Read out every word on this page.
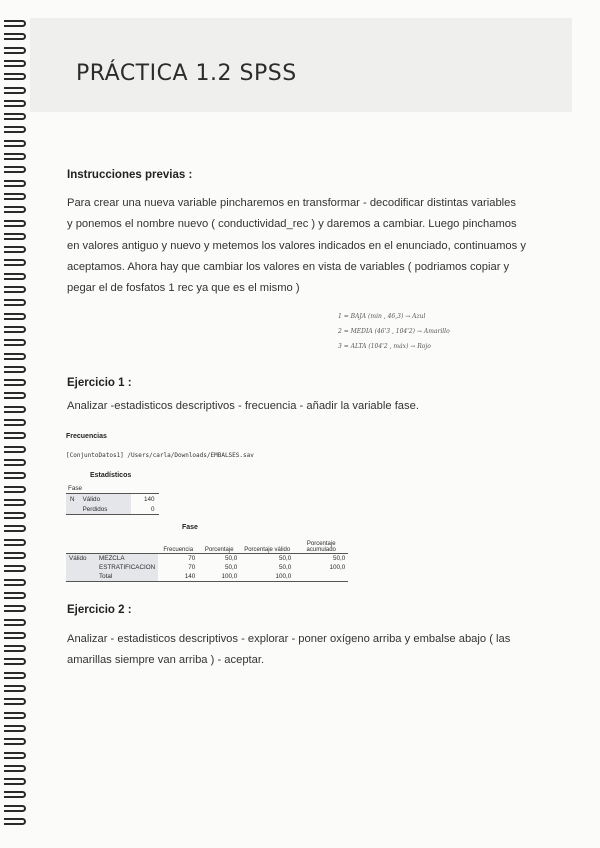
PRÁCTICA 1.2 SPSS
Instrucciones previas :
Para crear una nueva variable pincharemos en transformar - decodificar distintas variables
y ponemos el nombre nuevo ( conductividad_rec ) y daremos a cambiar. Luego pinchamos
en valores antiguo y nuevo y metemos los valores indicados en el enunciado, continuamos y
aceptamos. Ahora hay que cambiar los valores en vista de variables ( podriamos copiar y
pegar el de fosfatos 1 rec ya que es el mismo )
1 = BAJA (min , 46,3) → Azul
2 = MEDIA (46'3 , 104'2) → Amarillo
3 = ALTA (104'2 , máx) → Rojo
Ejercicio 1 :
Analizar -estadisticos descriptivos - frecuencia - añadir la variable fase.
Frecuencias
[ConjuntoDatos1] /Users/carla/Downloads/EMBALSES.sav
Estadísticos
Fase		
N	Válido	140
	Perdidos	0
Fase
		Frecuencia	Porcentaje	Porcentaje válido	Porcentaje acumulado
Válido	MEZCLA	70	50,0	50,0	50,0
	ESTRATIFICACION	70	50,0	50,0	100,0
	Total	140	100,0	100,0	
Ejercicio 2 :
Analizar - estadisticos descriptivos - explorar - poner oxígeno arriba y embalse abajo ( las
amarillas siempre van arriba ) - aceptar.
